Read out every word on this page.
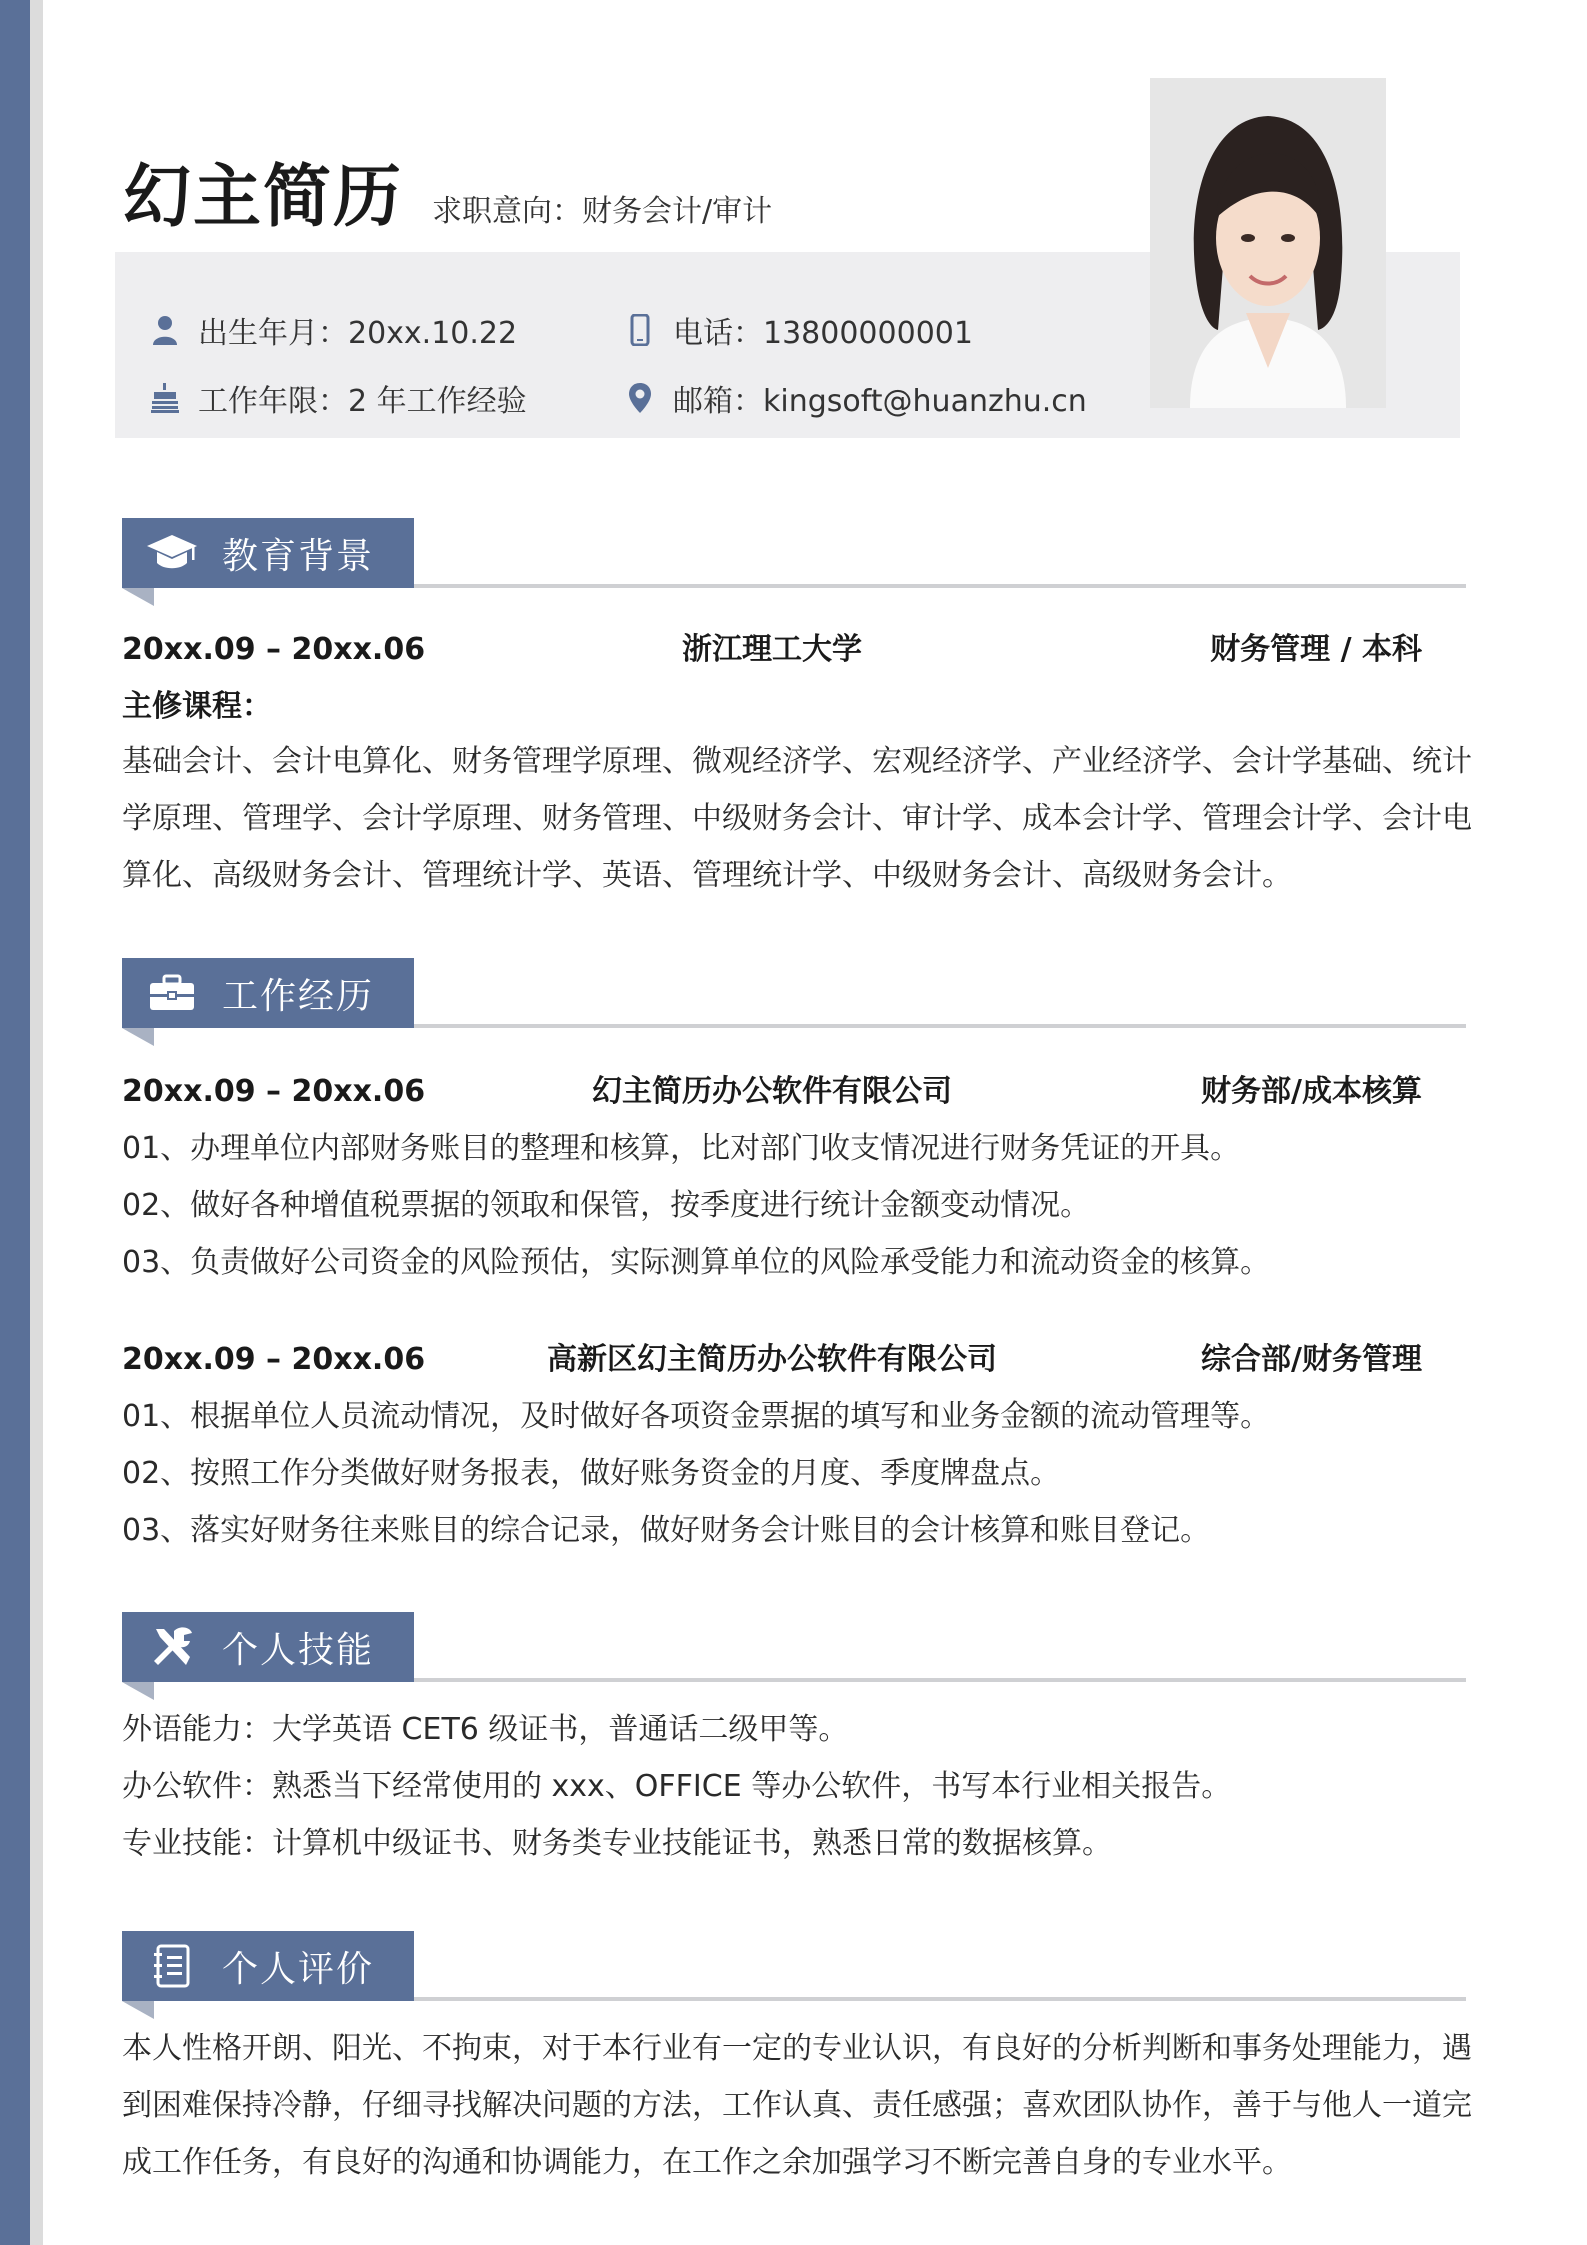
幻主简历 求职意向：财务会计/审计
出生年月：20xx.10.22
工作年限：2 年工作经验
电话：13800000001
邮箱：kingsoft@huanzhu.cn
教育背景
20xx.09 – 20xx.06	浙江理工大学	财务管理 / 本科
主修课程：
基础会计、会计电算化、财务管理学原理、微观经济学、宏观经济学、产业经济学、会计学基础、统计
学原理、管理学、会计学原理、财务管理、中级财务会计、审计学、成本会计学、管理会计学、会计电
算化、高级财务会计、管理统计学、英语、管理统计学、中级财务会计、高级财务会计。
工作经历
20xx.09 – 20xx.06	幻主简历办公软件有限公司	财务部/成本核算
01、办理单位内部财务账目的整理和核算，比对部门收支情况进行财务凭证的开具。
02、做好各种增值税票据的领取和保管，按季度进行统计金额变动情况。
03、负责做好公司资金的风险预估，实际测算单位的风险承受能力和流动资金的核算。
20xx.09 – 20xx.06	高新区幻主简历办公软件有限公司	综合部/财务管理
01、根据单位人员流动情况，及时做好各项资金票据的填写和业务金额的流动管理等。
02、按照工作分类做好财务报表，做好账务资金的月度、季度牌盘点。
03、落实好财务往来账目的综合记录，做好财务会计账目的会计核算和账目登记。
个人技能
外语能力：大学英语 CET6 级证书，普通话二级甲等。
办公软件：熟悉当下经常使用的 xxx、OFFICE 等办公软件，书写本行业相关报告。
专业技能：计算机中级证书、财务类专业技能证书，熟悉日常的数据核算。
个人评价
本人性格开朗、阳光、不拘束，对于本行业有一定的专业认识，有良好的分析判断和事务处理能力，遇
到困难保持冷静，仔细寻找解决问题的方法，工作认真、责任感强；喜欢团队协作，善于与他人一道完
成工作任务，有良好的沟通和协调能力，在工作之余加强学习不断完善自身的专业水平。
